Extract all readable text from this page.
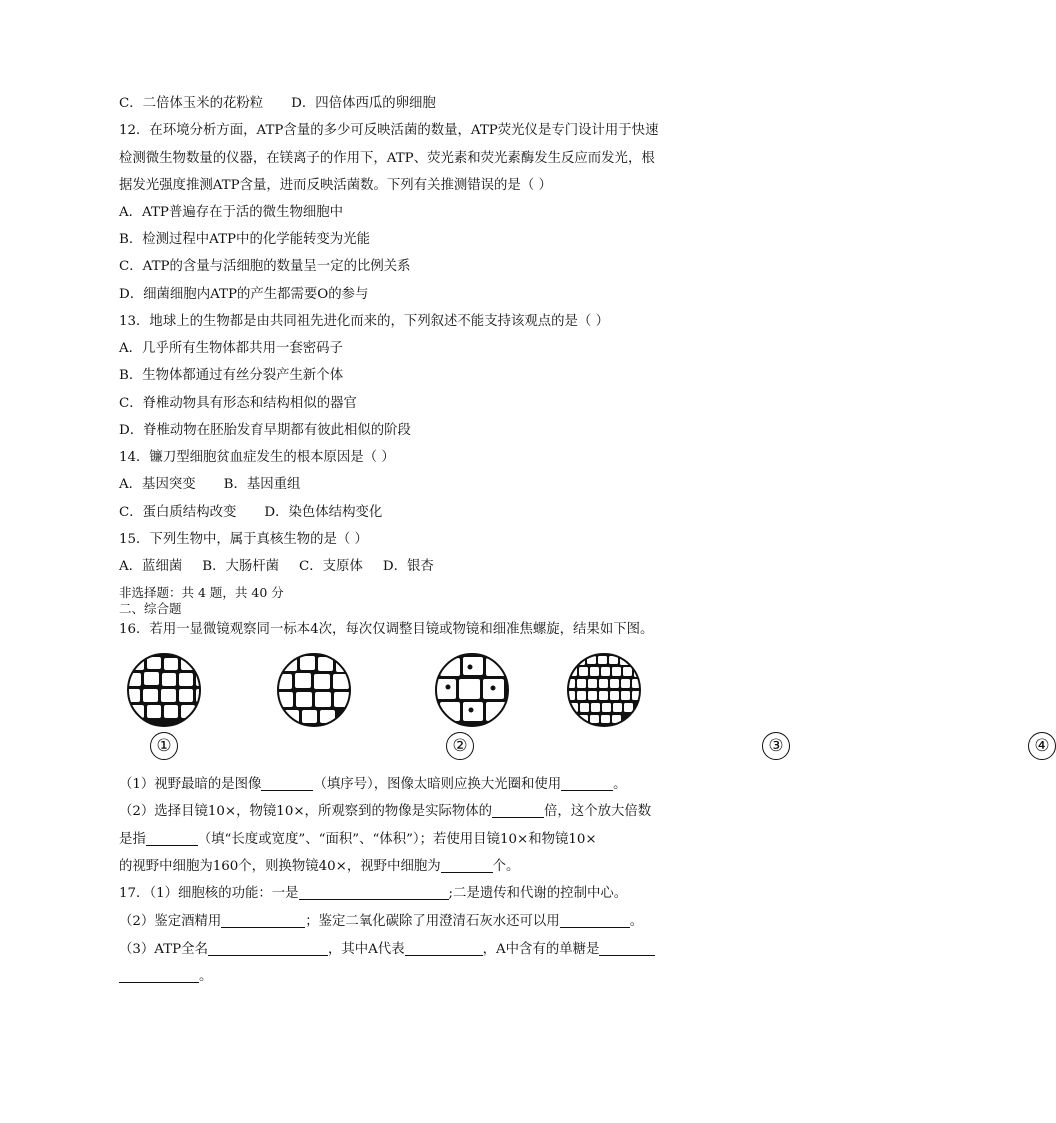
C．二倍体玉米的花粉粒 D．四倍体西瓜的卵细胞
12．在环境分析方面，ATP含量的多少可反映活菌的数量，ATP荧光仪是专门设计用于快速
检测微生物数量的仪器，在镁离子的作用下，ATP、荧光素和荧光素酶发生反应而发光，根
据发光强度推测ATP含量，进而反映活菌数。下列有关推测错误的是（ ）
A．ATP普遍存在于活的微生物细胞中
B．检测过程中ATP中的化学能转变为光能
C．ATP的含量与活细胞的数量呈一定的比例关系
D．细菌细胞内ATP的产生都需要O的参与
13．地球上的生物都是由共同祖先进化而来的，下列叙述不能支持该观点的是（ ）
A．几乎所有生物体都共用一套密码子
B．生物体都通过有丝分裂产生新个体
C．脊椎动物具有形态和结构相似的器官
D．脊椎动物在胚胎发育早期都有彼此相似的阶段
14．镰刀型细胞贫血症发生的根本原因是（ ）
A．基因突变 B．基因重组
C．蛋白质结构改变 D．染色体结构变化
15．下列生物中，属于真核生物的是（ ）
A．蓝细菌 B．大肠杆菌 C．支原体 D．银杏
非选择题：共 4 题，共 40 分
二、综合题
16．若用一显微镜观察同一标本4次，每次仅调整目镜或物镜和细准焦螺旋，结果如下图。
①	②	③	④
（1）视野最暗的是图像	（填序号），图像太暗则应换大光圈和使用	。
（2）选择目镜10×，物镜10×，所观察到的物像是实际物体的	倍，这个放大倍数
是指	（填“长度或宽度”、“面积”、“体积”）；若使用目镜10×和物镜10×
的视野中细胞为160个，则换物镜40×，视野中细胞为	个。
17．（1）细胞核的功能：一是	;二是遗传和代谢的控制中心。
（2）鉴定酒精用	；鉴定二氧化碳除了用澄清石灰水还可以用	。
（3）ATP全名	，其中A代表	，A中含有的单糖是
。
